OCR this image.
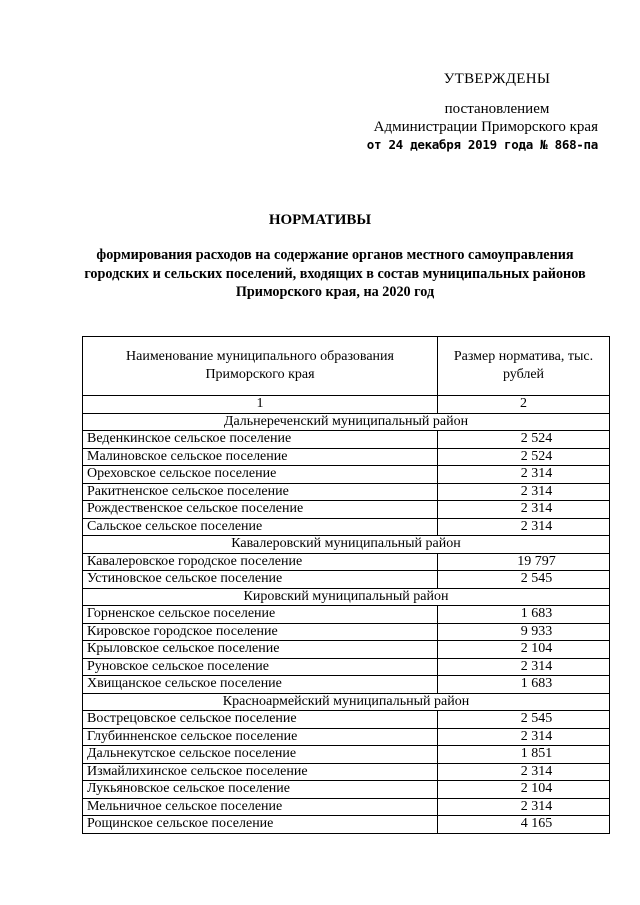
УТВЕРЖДЕНЫ
постановлением
Администрации Приморского края
от 24 декабря 2019 года № 868-па
НОРМАТИВЫ
формирования расходов на содержание органов местного самоуправления городских и сельских поселений, входящих в состав муниципальных районов Приморского края, на 2020 год
Наименование муниципального образования Приморского края	Размер норматива, тыс. рублей
1	2
Дальнереченский муниципальный район	
Веденкинское сельское поселение	2 524
Малиновское сельское поселение	2 524
Ореховское сельское поселение	2 314
Ракитненское сельское поселение	2 314
Рождественское сельское поселение	2 314
Сальское сельское поселение	2 314
Кавалеровский муниципальный район	
Кавалеровское городское поселение	19 797
Устиновское сельское поселение	2 545
Кировский муниципальный район	
Горненское сельское поселение	1 683
Кировское городское поселение	9 933
Крыловское сельское поселение	2 104
Руновское сельское поселение	2 314
Хвищанское сельское поселение	1 683
Красноармейский муниципальный район	
Вострецовское сельское поселение	2 545
Глубинненское сельское поселение	2 314
Дальнекутское сельское поселение	1 851
Измайлихинское сельское поселение	2 314
Лукьяновское сельское поселение	2 104
Мельничное сельское поселение	2 314
Рощинское сельское поселение	4 165
